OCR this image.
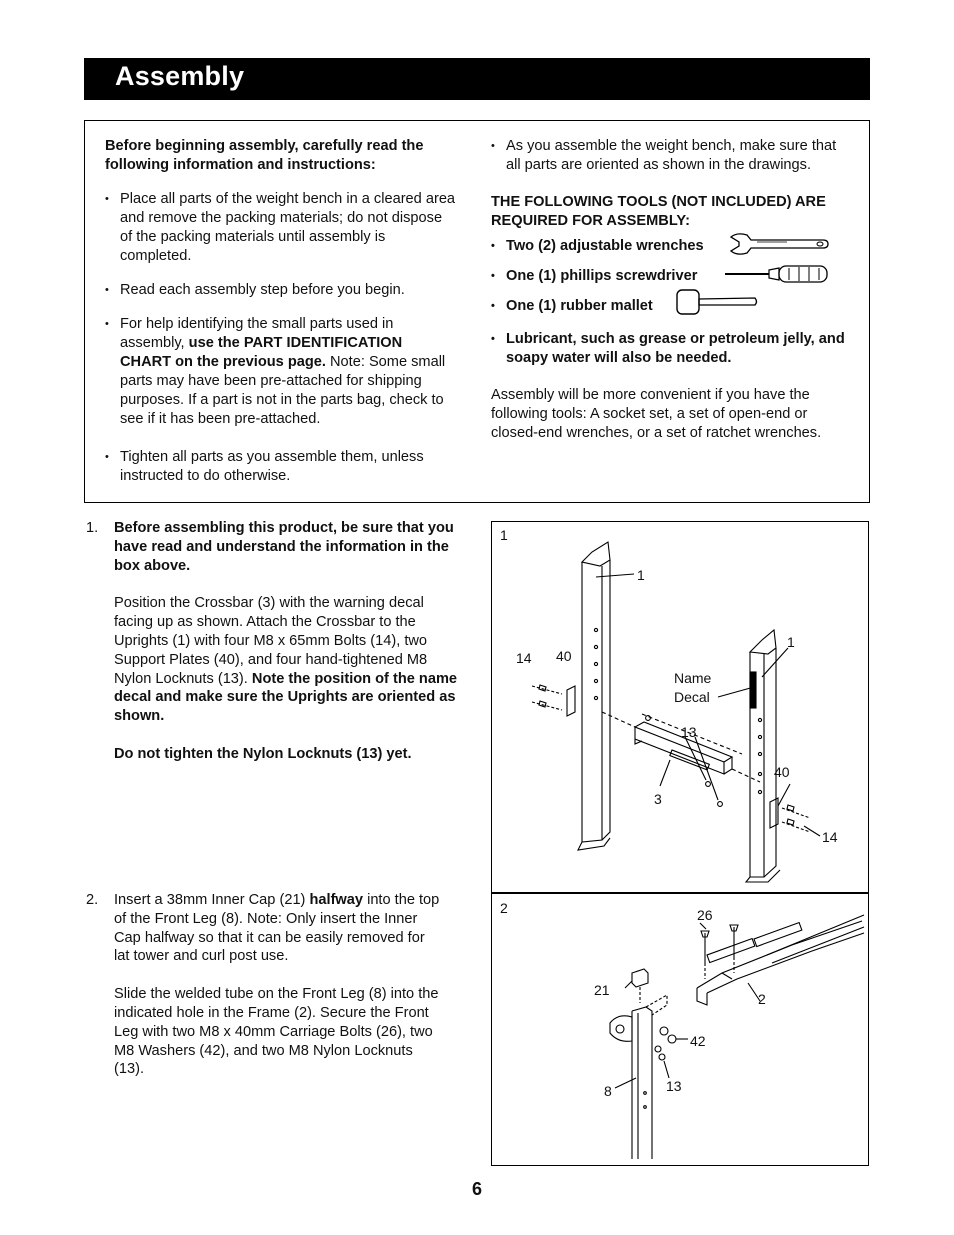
Assembly

Before beginning assembly, carefully read the following information and instructions:

• Place all parts of the weight bench in a cleared area and remove the packing materials; do not dispose of the packing materials until assembly is completed.

• Read each assembly step before you begin.

• For help identifying the small parts used in assembly, use the PART IDENTIFICATION CHART on the previous page. Note: Some small parts may have been pre-attached for shipping purposes. If a part is not in the parts bag, check to see if it has been pre-attached.

• Tighten all parts as you assemble them, unless instructed to do otherwise.

• As you assemble the weight bench, make sure that all parts are oriented as shown in the drawings.

THE FOLLOWING TOOLS (NOT INCLUDED) ARE REQUIRED FOR ASSEMBLY:

• Two (2) adjustable wrenches
• One (1) phillips screwdriver
• One (1) rubber mallet

• Lubricant, such as grease or petroleum jelly, and soapy water will also be needed.

Assembly will be more convenient if you have the following tools: A socket set, a set of open-end or closed-end wrenches, or a set of ratchet wrenches.

1. Before assembling this product, be sure that you have read and understand the information in the box above.

Position the Crossbar (3) with the warning decal facing up as shown. Attach the Crossbar to the Uprights (1) with four M8 x 65mm Bolts (14), two Support Plates (40), and four hand-tightened M8 Nylon Locknuts (13). Note the position of the name decal and make sure the Uprights are oriented as shown.

Do not tighten the Nylon Locknuts (13) yet.

2. Insert a 38mm Inner Cap (21) halfway into the top of the Front Leg (8). Note: Only insert the Inner Cap halfway so that it can be easily removed for lat tower and curl post use.

Slide the welded tube on the Front Leg (8) into the indicated hole in the Frame (2). Secure the Front Leg with two M8 x 40mm Carriage Bolts (26), two M8 Washers (42), and two M8 Nylon Locknuts (13).

1
1
1
14 40
Name
Decal
13
3
40
14
2	26
21
2
42
8	13
6
